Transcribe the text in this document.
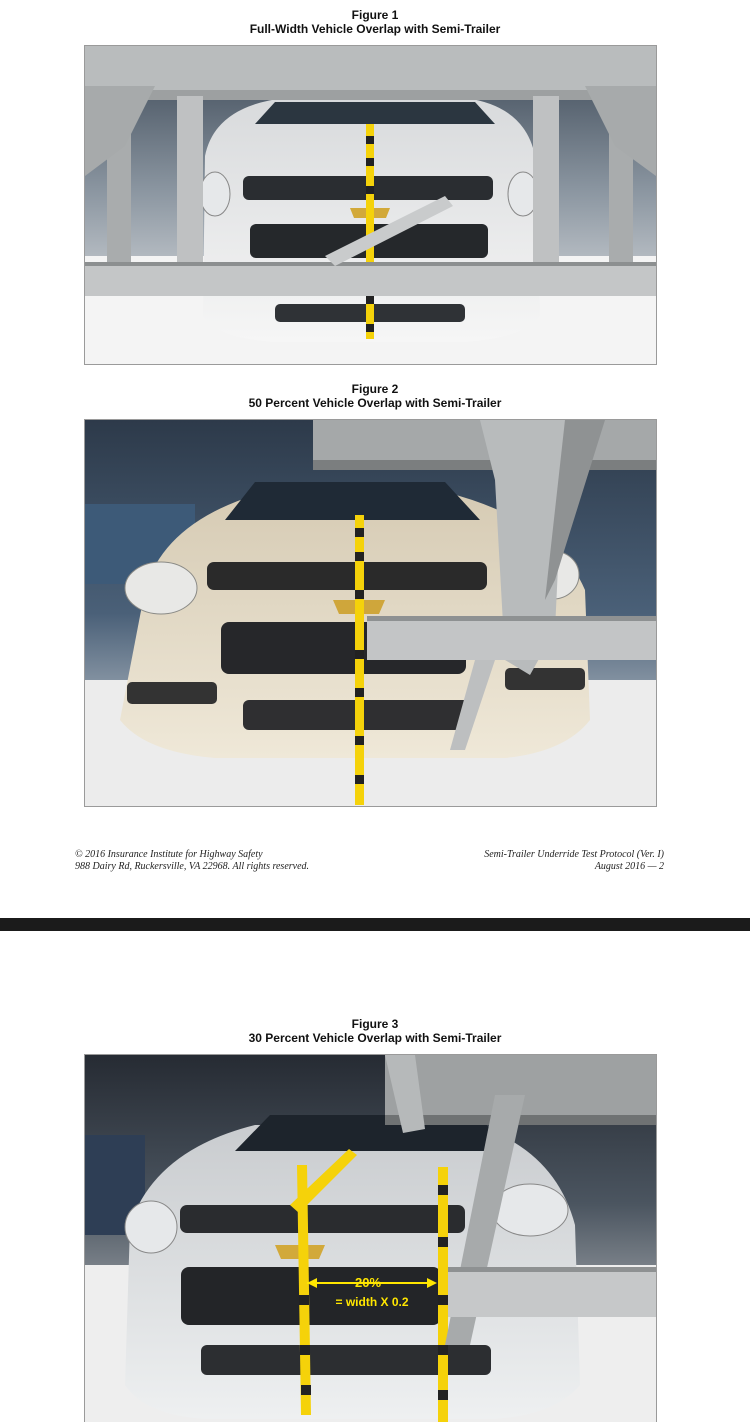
Figure 1
Full-Width Vehicle Overlap with Semi-Trailer
Figure 2
50 Percent Vehicle Overlap with Semi-Trailer
© 2016 Insurance Institute for Highway Safety
988 Dairy Rd, Ruckersville, VA 22968. All rights reserved.
Semi-Trailer Underride Test Protocol (Ver. I)
August 2016 — 2
Figure 3
30 Percent Vehicle Overlap with Semi-Trailer
20%
= width X 0.2
